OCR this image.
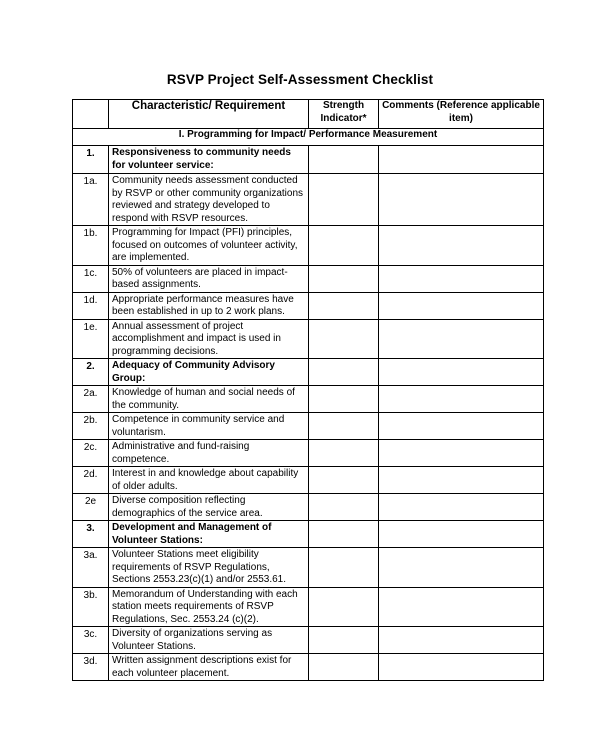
RSVP Project Self-Assessment Checklist
	Characteristic/ Requirement	Strength Indicator*	Comments (Reference applicable item)
I. Programming for Impact/ Performance Measurement			
1.	Responsiveness to community needs for volunteer service:		
1a.	Community needs assessment conducted by RSVP or other community organizations reviewed and strategy developed to respond with RSVP resources.		
1b.	Programming for Impact (PFI) principles, focused on outcomes of volunteer activity, are implemented.		
1c.	50% of volunteers are placed in impact-based assignments.		
1d.	Appropriate performance measures have been established in up to 2 work plans.		
1e.	Annual assessment of project accomplishment and impact is used in programming decisions.		
2.	Adequacy of Community Advisory Group:		
2a.	Knowledge of human and social needs of the community.		
2b.	Competence in community service and voluntarism.		
2c.	Administrative and fund-raising competence.		
2d.	Interest in and knowledge about capability of older adults.		
2e	Diverse composition reflecting demographics of the service area.		
3.	Development and Management of Volunteer Stations:		
3a.	Volunteer Stations meet eligibility requirements of RSVP Regulations, Sections 2553.23(c)(1) and/or 2553.61.		
3b.	Memorandum of Understanding with each station meets requirements of RSVP Regulations, Sec. 2553.24 (c)(2).		
3c.	Diversity of organizations serving as Volunteer Stations.		
3d.	Written assignment descriptions exist for each volunteer placement.		
